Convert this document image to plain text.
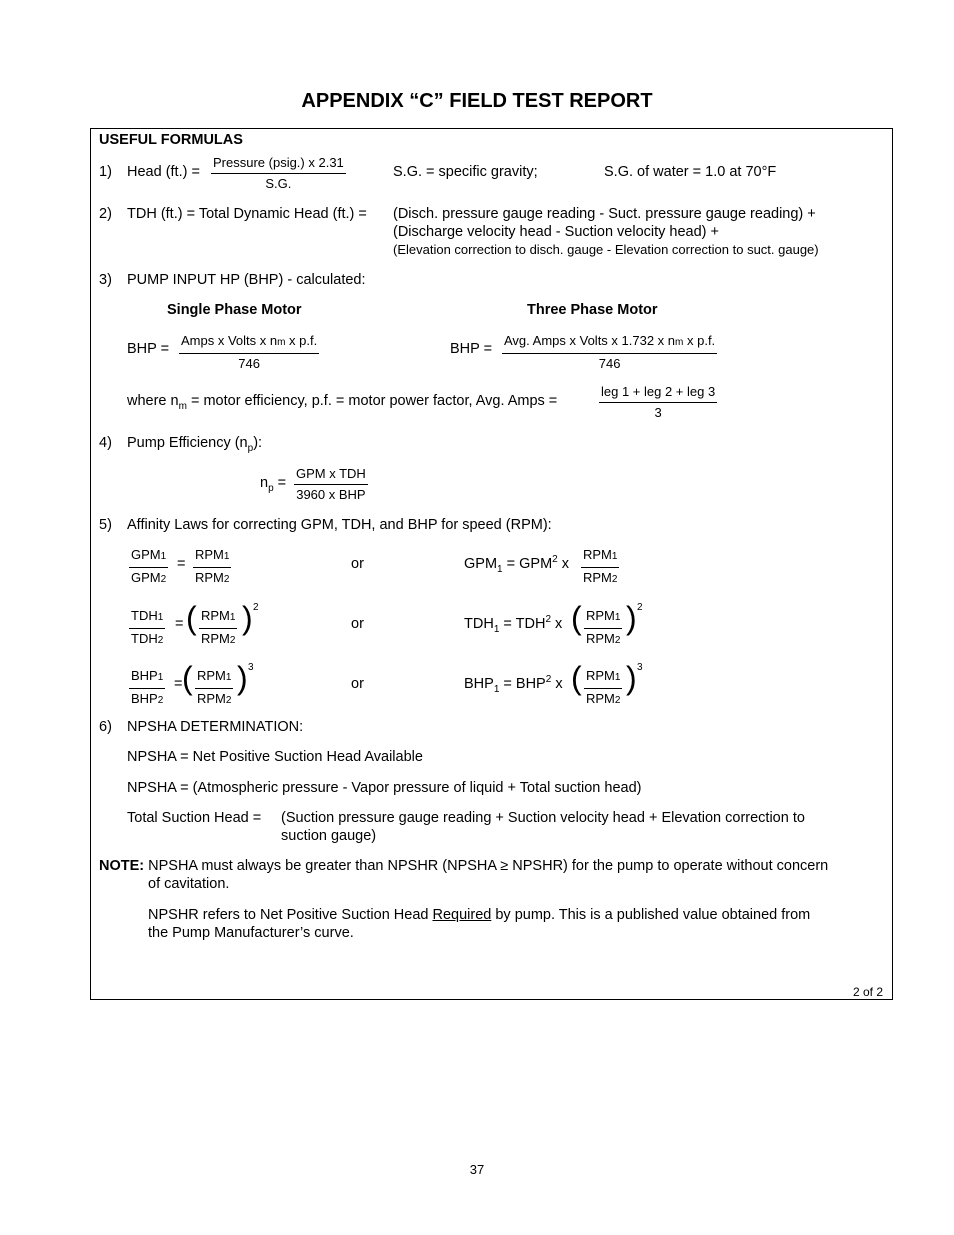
APPENDIX “C” FIELD TEST REPORT
USEFUL FORMULAS
1) Head (ft.) =
Pressure (psig.) x 2.31
S.G.
S.G. = specific gravity;	S.G. of water = 1.0 at 70°F
2) TDH (ft.) = Total Dynamic Head (ft.) = (Disch. pressure gauge reading - Suct. pressure gauge reading) +
(Discharge velocity head - Suction velocity head) +
(Elevation correction to disch. gauge - Elevation correction to suct. gauge)
3) PUMP INPUT HP (BHP) - calculated:
Single Phase Motor	Three Phase Motor
BHP =
Amps x Volts x nm x p.f.
746
BHP =
Avg. Amps x Volts x 1.732 x nm x p.f.
746
where $n_m$ = motor efficiency, p.f. = motor power factor, Avg. Amps =
leg 1 + leg 2 + leg 3
3
4) Pump Efficiency $(n_p)$:
$n_p$ =
GPM x TDH
3960 x BHP
5) Affinity Laws for correcting GPM, TDH, and BHP for speed (RPM):
GPM1
GPM2
=
RPM1
RPM2
or	$GPM_1 = GPM^2$ x
RPM1
RPM2
TDH1
TDH2
= ( RPM1
RPM2
) 2
or	$TDH_1 = TDH^2$ x ( RPM1
RPM2
) 2
BHP1
BHP2
= ( RPM1
RPM2
) 3
or	$BHP_1 = BHP^2$ x ( RPM1
RPM2
) 3
6) NPSHA DETERMINATION:
NPSHA = Net Positive Suction Head Available
NPSHA = (Atmospheric pressure - Vapor pressure of liquid + Total suction head)
Total Suction Head = (Suction pressure gauge reading + Suction velocity head + Elevation correction to
suction gauge)
NOTE: NPSHA must always be greater than NPSHR (NPSHA ≥ NPSHR) for the pump to operate without concern
of cavitation.
NPSHR refers to Net Positive Suction Head Required by pump. This is a published value obtained from
the Pump Manufacturer’s curve.
2 of 2
37
